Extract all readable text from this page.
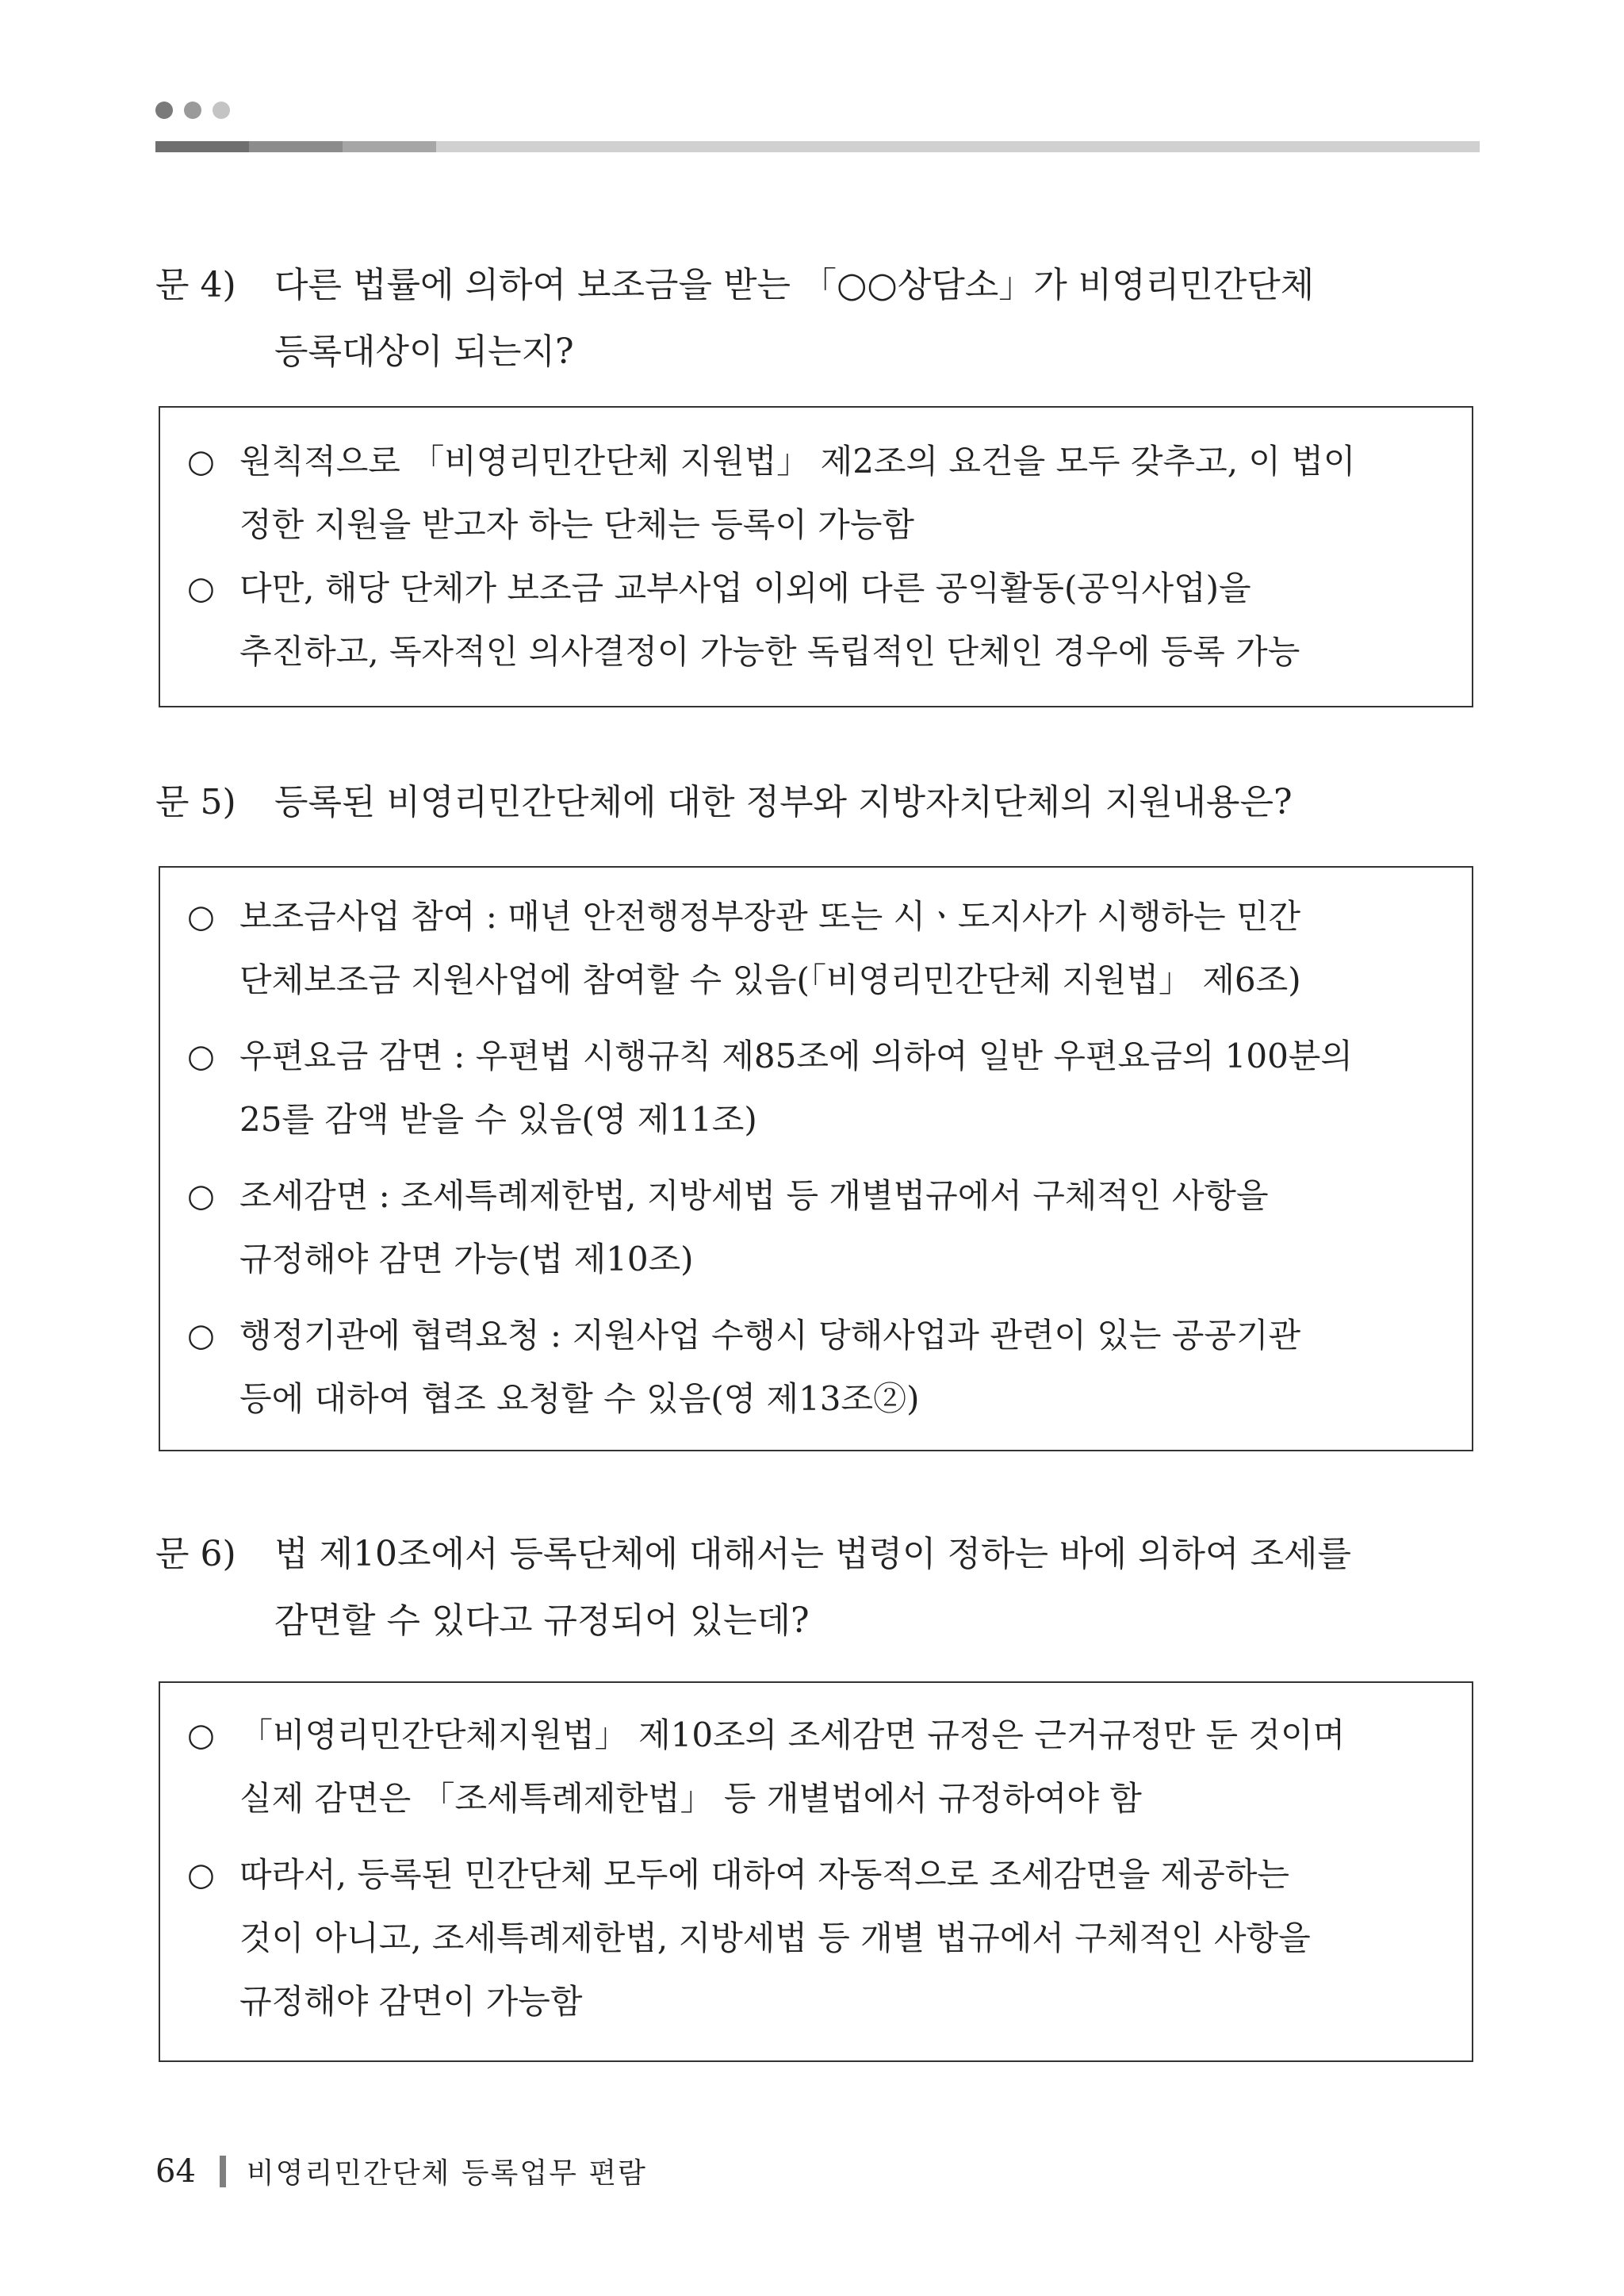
문 4)	다른 법률에 의하여 보조금을 받는 「○○상담소」가 비영리민간단체
등록대상이 되는지?
○ 원칙적으로 「비영리민간단체 지원법」 제2조의 요건을 모두 갖추고, 이 법이
정한 지원을 받고자 하는 단체는 등록이 가능함
○ 다만, 해당 단체가 보조금 교부사업 이외에 다른 공익활동(공익사업)을
추진하고, 독자적인 의사결정이 가능한 독립적인 단체인 경우에 등록 가능
문 5)	등록된 비영리민간단체에 대한 정부와 지방자치단체의 지원내용은?
○ 보조금사업 참여 : 매년 안전행정부장관 또는 시ㆍ도지사가 시행하는 민간
단체보조금 지원사업에 참여할 수 있음(「비영리민간단체 지원법」 제6조)
○ 우편요금 감면 : 우편법 시행규칙 제85조에 의하여 일반 우편요금의 100분의
25를 감액 받을 수 있음(영 제11조)
○ 조세감면 : 조세특례제한법, 지방세법 등 개별법규에서 구체적인 사항을
규정해야 감면 가능(법 제10조)
○ 행정기관에 협력요청 : 지원사업 수행시 당해사업과 관련이 있는 공공기관
등에 대하여 협조 요청할 수 있음(영 제13조②)
문 6)	법 제10조에서 등록단체에 대해서는 법령이 정하는 바에 의하여 조세를
감면할 수 있다고 규정되어 있는데?
○ 「비영리민간단체지원법」 제10조의 조세감면 규정은 근거규정만 둔 것이며
실제 감면은 「조세특례제한법」 등 개별법에서 규정하여야 함
○ 따라서, 등록된 민간단체 모두에 대하여 자동적으로 조세감면을 제공하는
것이 아니고, 조세특례제한법, 지방세법 등 개별 법규에서 구체적인 사항을
규정해야 감면이 가능함
64 비영리민간단체 등록업무 편람
